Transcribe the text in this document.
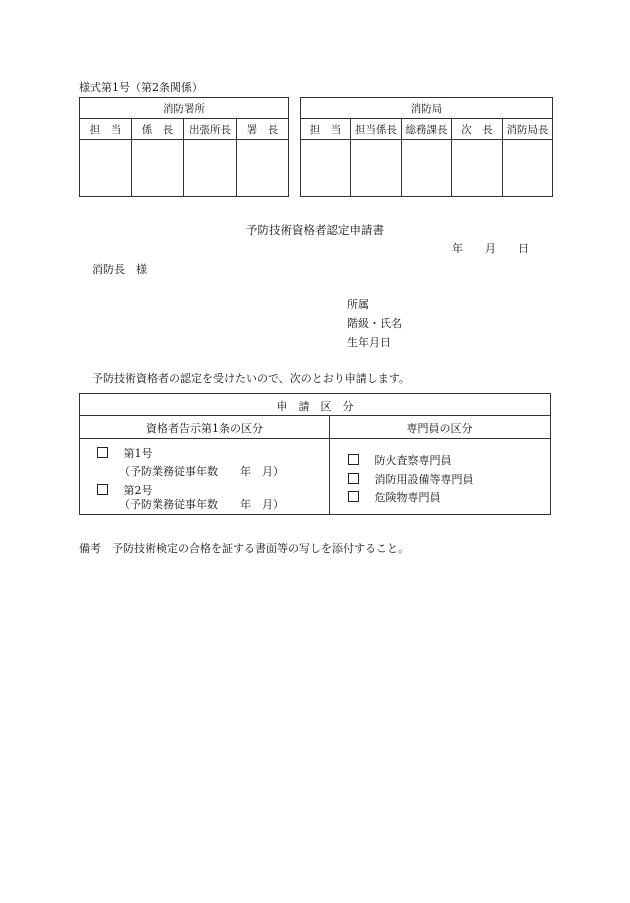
様式第1号（第2条関係）
消防署所			
担　当	係　長	出張所長	署　長

消防局				
担　当	担当係長	総務課長	次　長	消防局長

予防技術資格者認定申請書
年　　月　　日
消防長　様
所属
階級・氏名
生年月日
予防技術資格者の認定を受けたいので、次のとおり申請します。
申　請　区　分
資格者告示第1条の区分	専門員の区分
第1号
（予防業務従事年数　　年　月）
第2号
（予防業務従事年数　　年　月）
防火査察専門員
消防用設備等専門員
危険物専門員
備考　予防技術検定の合格を証する書面等の写しを添付すること。
